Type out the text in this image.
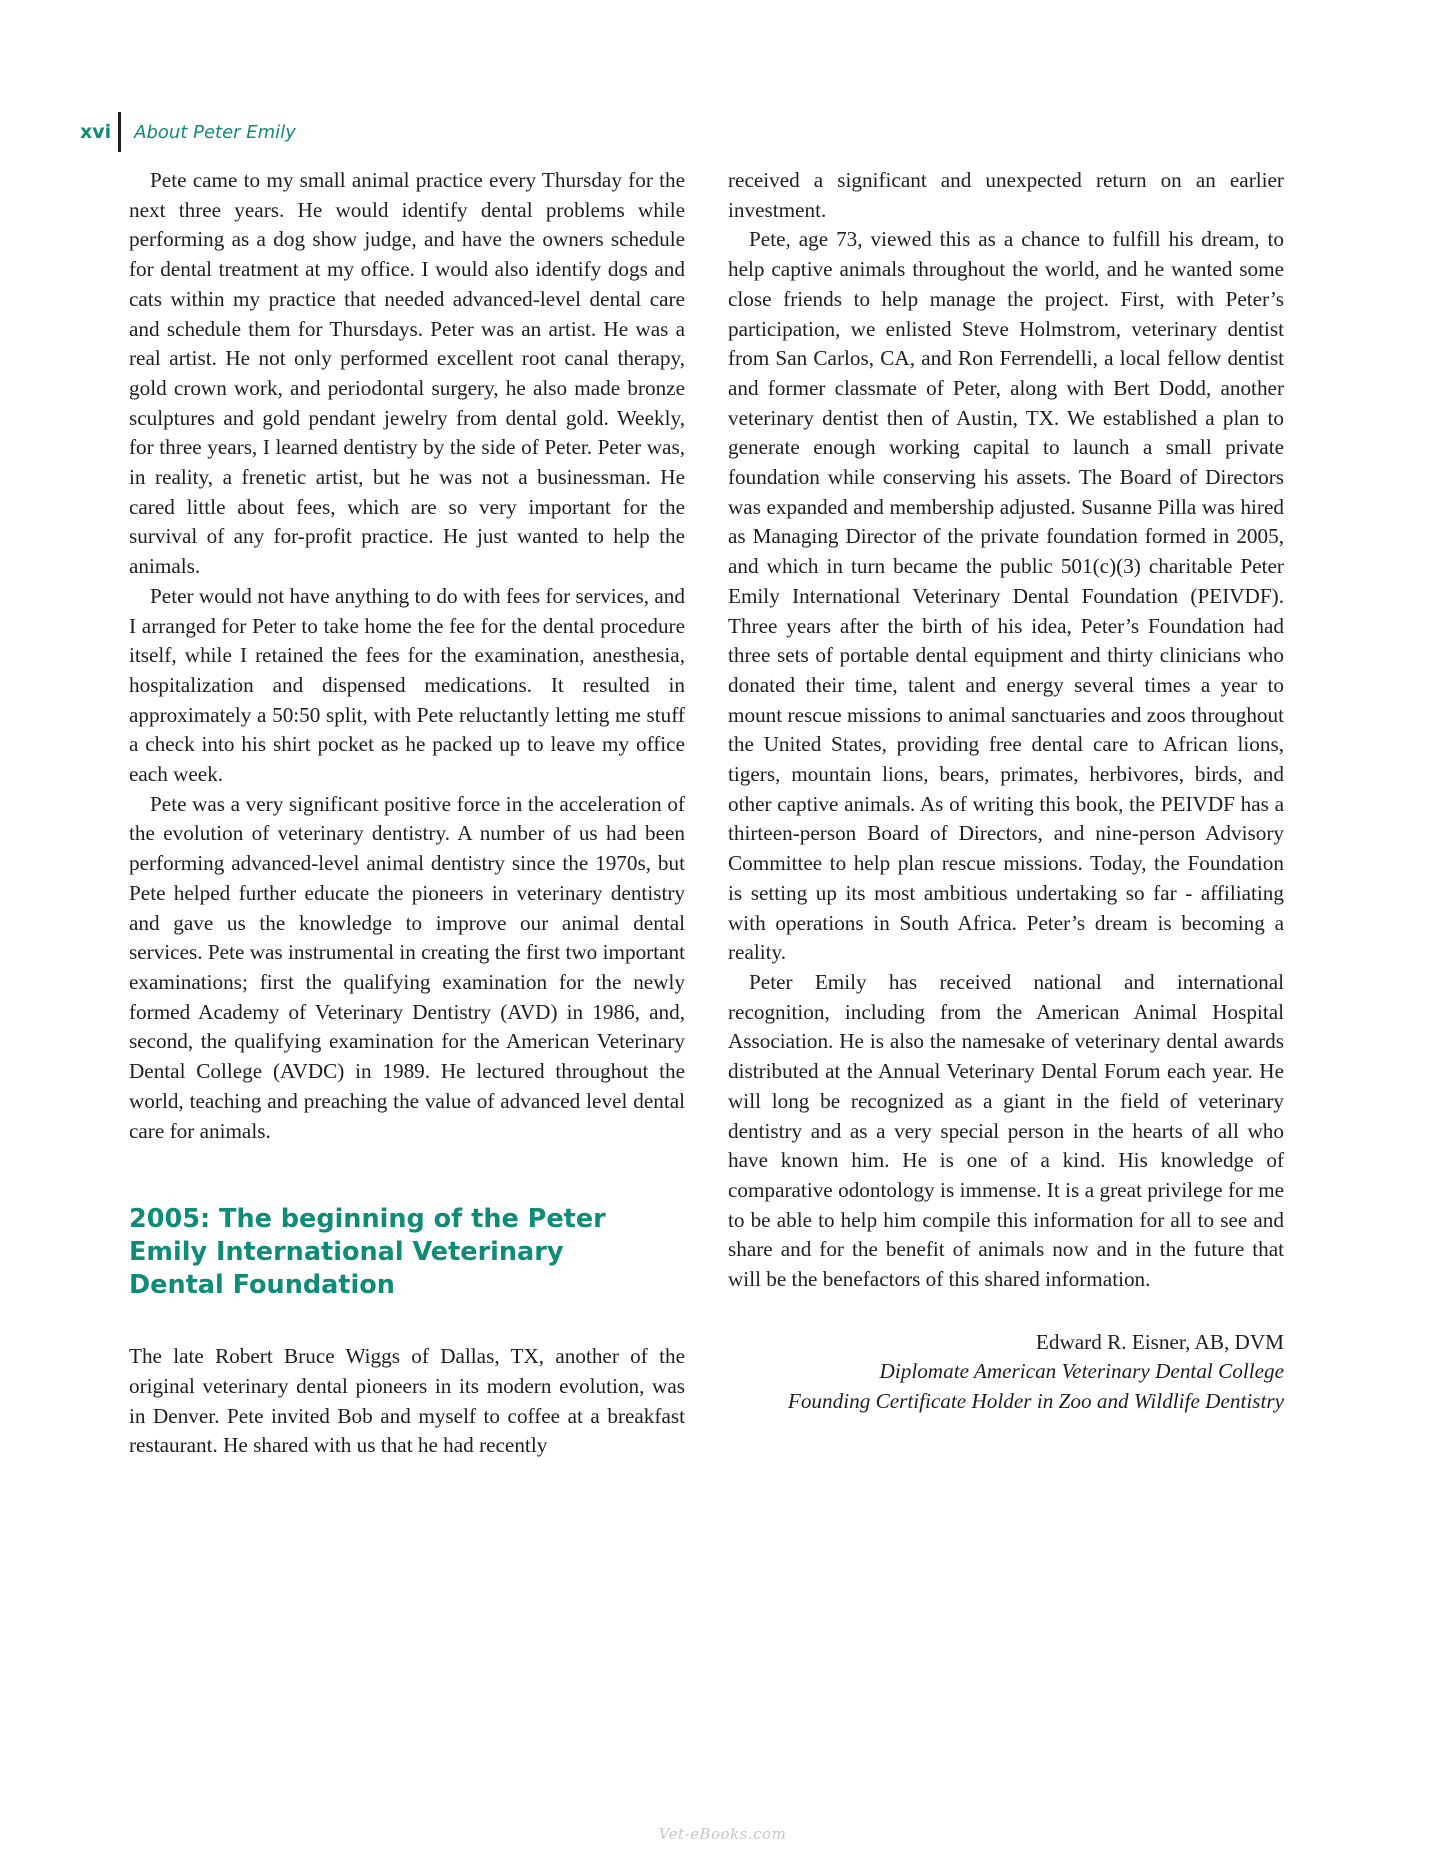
xvi	About Peter Emily

Pete came to my small animal practice every Thursday for the next three years. He would identify dental problems while performing as a dog show judge, and have the owners schedule for dental treatment at my office. I would also identify dogs and cats within my practice that needed advanced-level dental care and schedule them for Thursdays. Peter was an artist. He was a real artist. He not only performed excellent root canal therapy, gold crown work, and periodontal surgery, he also made bronze sculptures and gold pendant jewelry from dental gold. Weekly, for three years, I learned dentistry by the side of Peter. Peter was, in reality, a frenetic artist, but he was not a businessman. He cared little about fees, which are so very important for the survival of any for-profit practice. He just wanted to help the animals.

Peter would not have anything to do with fees for services, and I arranged for Peter to take home the fee for the dental procedure itself, while I retained the fees for the examination, anesthesia, hospitalization and dispensed medications. It resulted in approximately a 50:50 split, with Pete reluctantly letting me stuff a check into his shirt pocket as he packed up to leave my office each week.

Pete was a very significant positive force in the acceleration of the evolution of veterinary dentistry. A number of us had been performing advanced-level animal dentistry since the 1970s, but Pete helped further educate the pioneers in veterinary dentistry and gave us the knowledge to improve our animal dental services. Pete was instrumental in creating the first two important examinations; first the qualifying examination for the newly formed Academy of Veterinary Dentistry (AVD) in 1986, and, second, the qualifying examination for the American Veterinary Dental College (AVDC) in 1989. He lectured throughout the world, teaching and preaching the value of advanced level dental care for animals.

2005: The beginning of the Peter Emily International Veterinary Dental Foundation

The late Robert Bruce Wiggs of Dallas, TX, another of the original veterinary dental pioneers in its modern evolution, was in Denver. Pete invited Bob and myself to coffee at a breakfast restaurant. He shared with us that he had recently

received a significant and unexpected return on an earlier investment.

Pete, age 73, viewed this as a chance to fulfill his dream, to help captive animals throughout the world, and he wanted some close friends to help manage the project. First, with Peter’s participation, we enlisted Steve Holmstrom, veterinary dentist from San Carlos, CA, and Ron Ferrendelli, a local fellow dentist and former classmate of Peter, along with Bert Dodd, another veterinary dentist then of Austin, TX. We established a plan to generate enough working capital to launch a small private foundation while conserving his assets. The Board of Directors was expanded and membership adjusted. Susanne Pilla was hired as Managing Director of the private foundation formed in 2005, and which in turn became the public 501(c)(3) charitable Peter Emily International Veterinary Dental Foundation (PEIVDF). Three years after the birth of his idea, Peter’s Foundation had three sets of portable dental equipment and thirty clinicians who donated their time, talent and energy several times a year to mount rescue missions to animal sanctuaries and zoos throughout the United States, providing free dental care to African lions, tigers, mountain lions, bears, primates, herbivores, birds, and other captive animals. As of writing this book, the PEIVDF has a thirteen-person Board of Directors, and nine-person Advisory Committee to help plan rescue missions. Today, the Foundation is setting up its most ambitious undertaking so far - affiliating with operations in South Africa. Peter’s dream is becoming a reality.

Peter Emily has received national and international recognition, including from the American Animal Hospital Association. He is also the namesake of veterinary dental awards distributed at the Annual Veterinary Dental Forum each year. He will long be recognized as a giant in the field of veterinary dentistry and as a very special person in the hearts of all who have known him. He is one of a kind. His knowledge of comparative odontology is immense. It is a great privilege for me to be able to help him compile this information for all to see and share and for the benefit of animals now and in the future that will be the benefactors of this shared information.

Edward R. Eisner, AB, DVM
Diplomate American Veterinary Dental College
Founding Certificate Holder in Zoo and Wildlife Dentistry
Vet-eBooks.com
